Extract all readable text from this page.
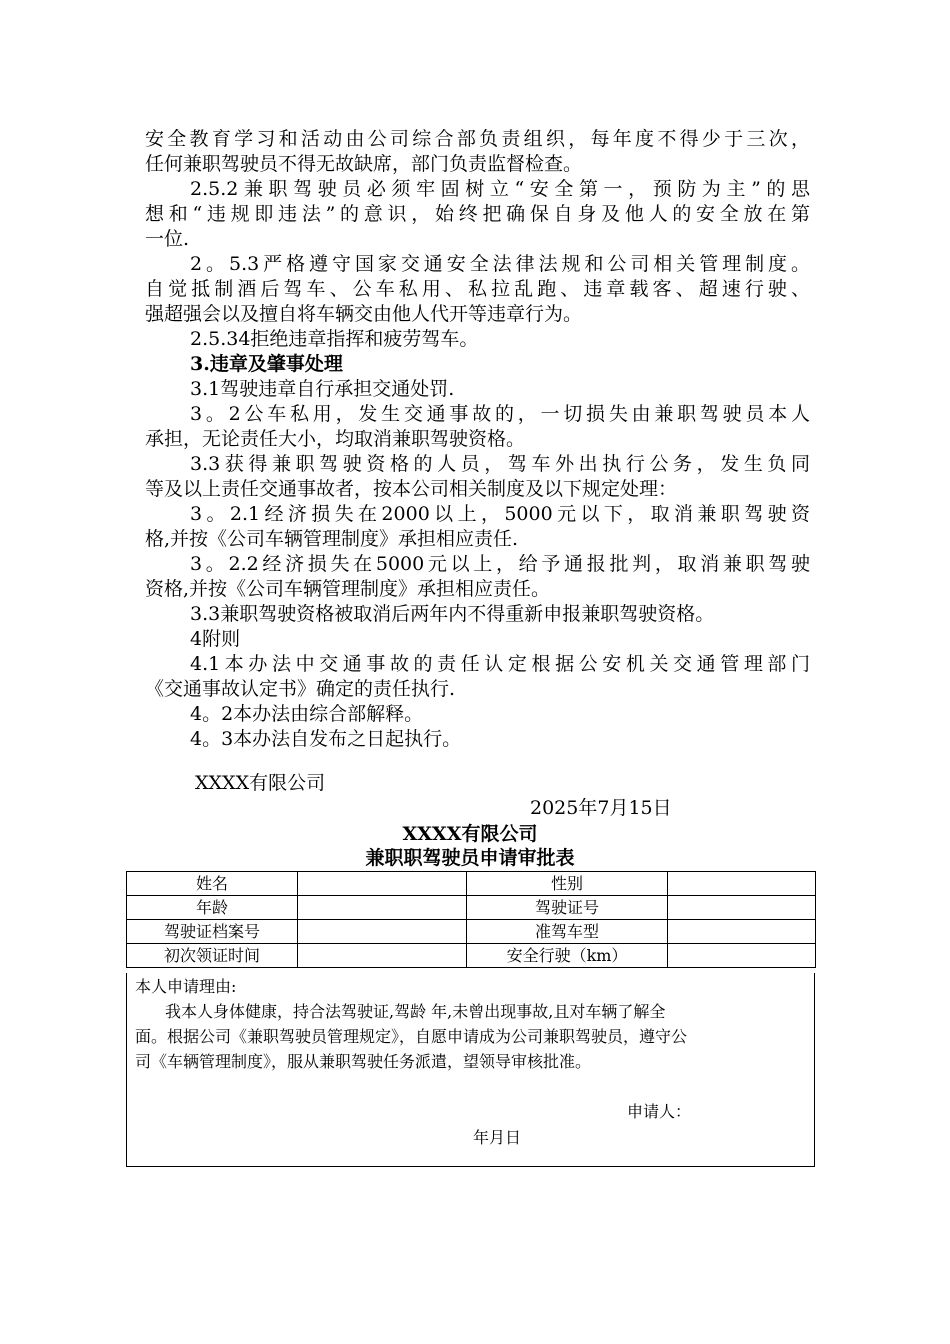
安全教育学习和活动由公司综合部负责组织，每年度不得少于三次，
任何兼职驾驶员不得无故缺席，部门负责监督检查。
2.5.2兼职驾驶员必须牢固树立“安全第一，预防为主”的思
想和“违规即违法”的意识，始终把确保自身及他人的安全放在第
一位.
2。5.3严格遵守国家交通安全法律法规和公司相关管理制度。
自觉抵制酒后驾车、公车私用、私拉乱跑、违章载客、超速行驶、
强超强会以及擅自将车辆交由他人代开等违章行为。
2.5.34拒绝违章指挥和疲劳驾车。
3.违章及肇事处理
3.1驾驶违章自行承担交通处罚.
3。2公车私用，发生交通事故的，一切损失由兼职驾驶员本人
承担，无论责任大小，均取消兼职驾驶资格。
3.3获得兼职驾驶资格的人员，驾车外出执行公务，发生负同
等及以上责任交通事故者，按本公司相关制度及以下规定处理：
3。2.1经济损失在2000以上，5000元以下，取消兼职驾驶资
格,并按《公司车辆管理制度》承担相应责任.
3。2.2经济损失在5000元以上，给予通报批判，取消兼职驾驶
资格,并按《公司车辆管理制度》承担相应责任。
3.3兼职驾驶资格被取消后两年内不得重新申报兼职驾驶资格。
4附则
4.1本办法中交通事故的责任认定根据公安机关交通管理部门
《交通事故认定书》确定的责任执行.
4。2本办法由综合部解释。
4。3本办法自发布之日起执行。
XXXX有限公司
2025年7月15日
XXXX有限公司
兼职职驾驶员申请审批表
姓名		性别	
年龄		驾驶证号	
驾驶证档案号		准驾车型	
初次领证时间		安全行驶（km）	
本人申请理由:
我本人身体健康，持合法驾驶证,驾龄 年,未曾出现事故,且对车辆了解全
面。根据公司《兼职驾驶员管理规定》，自愿申请成为公司兼职驾驶员，遵守公
司《车辆管理制度》，服从兼职驾驶任务派遣，望领导审核批准。
申请人：
年月日
